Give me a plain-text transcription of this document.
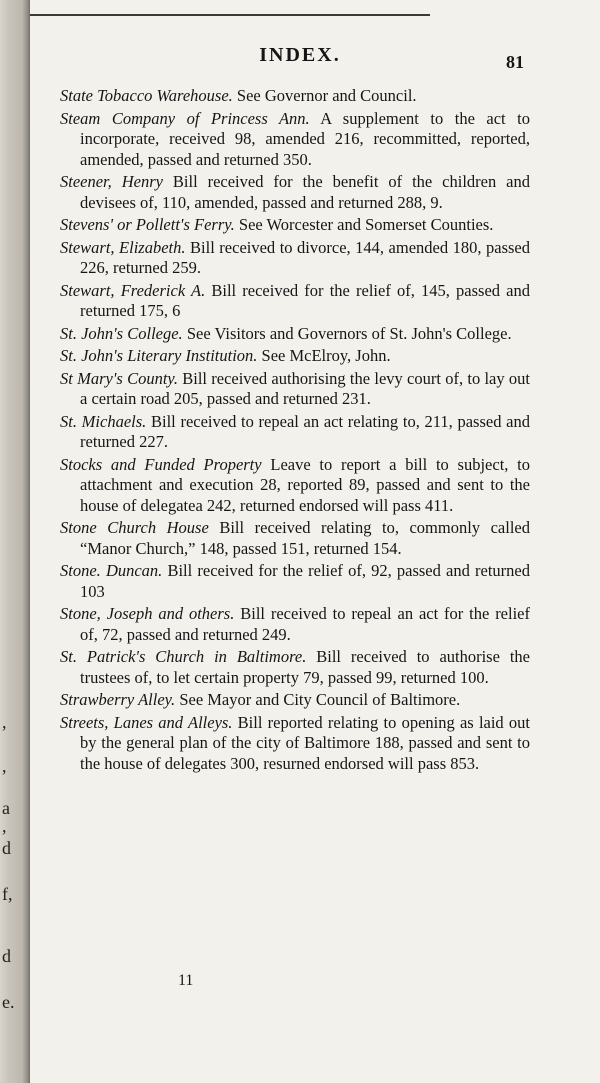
,
,
a
,
d
f,
d
e.
INDEX.	81
State Tobacco Warehouse. See Governor and Council.
Steam Company of Princess Ann. A supplement to the act to incorporate, received 98, amended 216, recommitted, reported, amended, passed and returned 350.
Steener, Henry Bill received for the benefit of the children and devisees of, 110, amended, passed and returned 288, 9.
Stevens' or Pollett's Ferry. See Worcester and Somerset Counties.
Stewart, Elizabeth. Bill received to divorce, 144, amended 180, passed 226, returned 259.
Stewart, Frederick A. Bill received for the relief of, 145, passed and returned 175, 6
St. John's College. See Visitors and Governors of St. John's College.
St. John's Literary Institution. See McElroy, John.
St Mary's County. Bill received authorising the levy court of, to lay out a certain road 205, passed and returned 231.
St. Michaels. Bill received to repeal an act relating to, 211, passed and returned 227.
Stocks and Funded Property Leave to report a bill to subject, to attachment and execution 28, reported 89, passed and sent to the house of delegatea 242, returned endorsed will pass 411.
Stone Church House Bill received relating to, commonly called “Manor Church,” 148, passed 151, returned 154.
Stone. Duncan. Bill received for the relief of, 92, passed and returned 103
Stone, Joseph and others. Bill received to repeal an act for the relief of, 72, passed and returned 249.
St. Patrick's Church in Baltimore. Bill received to authorise the trustees of, to let certain property 79, passed 99, returned 100.
Strawberry Alley. See Mayor and City Council of Baltimore.
Streets, Lanes and Alleys. Bill reported relating to opening as laid out by the general plan of the city of Baltimore 188, passed and sent to the house of delegates 300, resurned endorsed will pass 853.
11
